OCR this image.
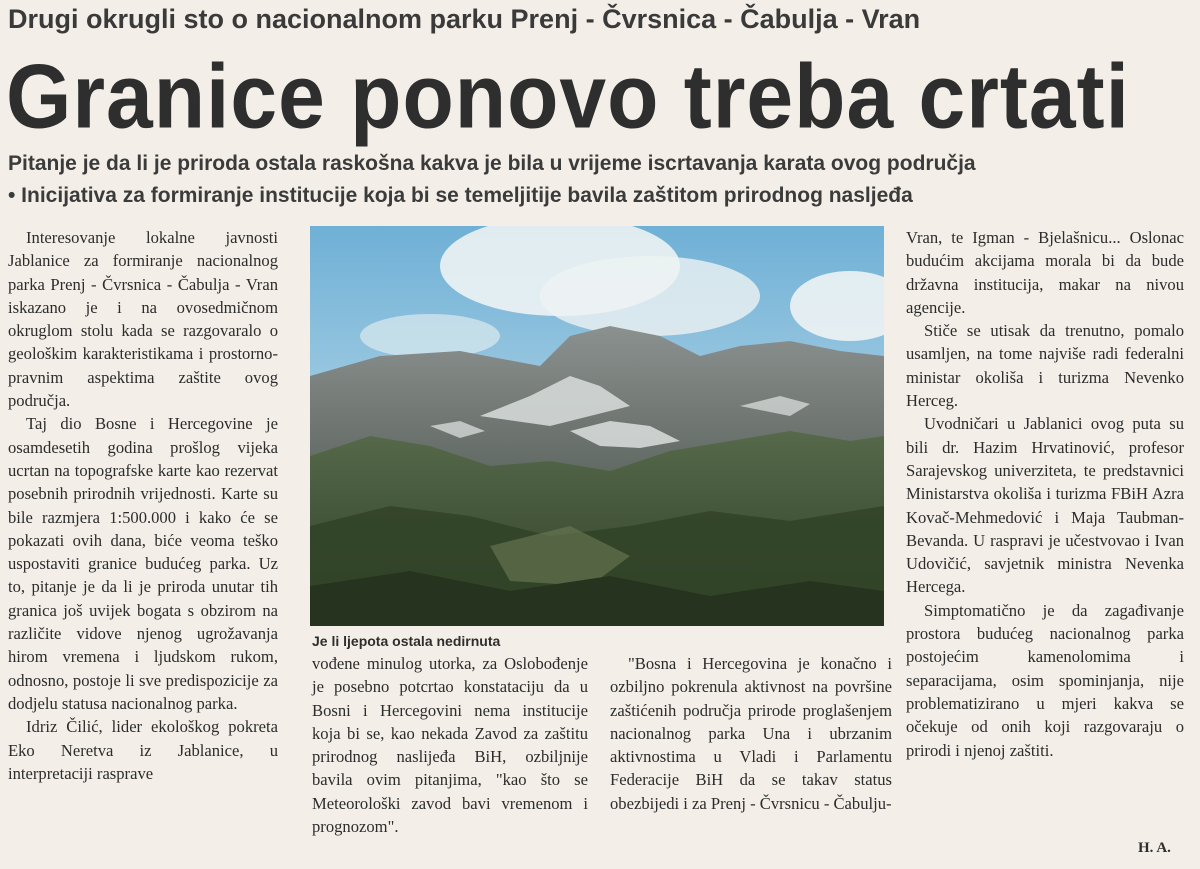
Drugi okrugli sto o nacionalnom parku Prenj - Čvrsnica - Čabulja - Vran
Granice ponovo treba crtati
Pitanje je da li je priroda ostala raskošna kakva je bila u vrijeme iscrtavanja karata ovog područja
• Inicijativa za formiranje institucije koja bi se temeljitije bavila zaštitom prirodnog nasljeđa

Interesovanje lokalne javnosti Jablanice za formiranje nacionalnog parka Prenj - Čvrsnica - Čabulja - Vran iskazano je i na ovosedmičnom okruglom stolu kada se razgovaralo o geološkim karakteristikama i prostorno-pravnim aspektima zaštite ovog područja.

Taj dio Bosne i Hercegovine je osamdesetih godina prošlog vijeka ucrtan na topografske karte kao rezervat posebnih prirodnih vrijednosti. Karte su bile razmjera 1:500.000 i kako će se pokazati ovih dana, biće veoma teško uspostaviti granice budućeg parka. Uz to, pitanje je da li je priroda unutar tih granica još uvijek bogata s obzirom na različite vidove njenog ugrožavanja hirom vremena i ljudskom rukom, odnosno, postoje li sve predispozicije za dodjelu statusa nacionalnog parka.

Idriz Čilić, lider ekološkog pokreta Eko Neretva iz Jablanice, u interpretaciji rasprave

Je li ljepota ostala nedirnuta

vođene minulog utorka, za Oslobođenje je posebno potcrtao konstataciju da u Bosni i Hercegovini nema institucije koja bi se, kao nekada Zavod za zaštitu prirodnog naslijeđa BiH, ozbiljnije bavila ovim pitanjima, "kao što se Meteorološki zavod bavi vremenom i prognozom".

"Bosna i Hercegovina je konačno i ozbiljno pokrenula aktivnost na površine zaštićenih područja prirode proglašenjem nacionalnog parka Una i ubrzanim aktivnostima u Vladi i Parlamentu Federacije BiH da se takav status obezbijedi i za Prenj - Čvrsnicu - Čabulju-

Vran, te Igman - Bjelašnicu... Oslonac budućim akcijama morala bi da bude državna institucija, makar na nivou agencije.

Stiče se utisak da trenutno, pomalo usamljen, na tome najviše radi federalni ministar okoliša i turizma Nevenko Herceg.

Uvodničari u Jablanici ovog puta su bili dr. Hazim Hrvatinović, profesor Sarajevskog univerziteta, te predstavnici Ministarstva okoliša i turizma FBiH Azra Kovač-Mehmedović i Maja Taubman-Bevanda. U raspravi je učestvovao i Ivan Udovičić, savjetnik ministra Nevenka Hercega.

Simptomatično je da zagađivanje prostora budućeg nacionalnog parka postojećim kamenolomima i separacijama, osim spominjanja, nije problematizirano u mjeri kakva se očekuje od onih koji razgovaraju o prirodi i njenoj zaštiti.

H. A.
